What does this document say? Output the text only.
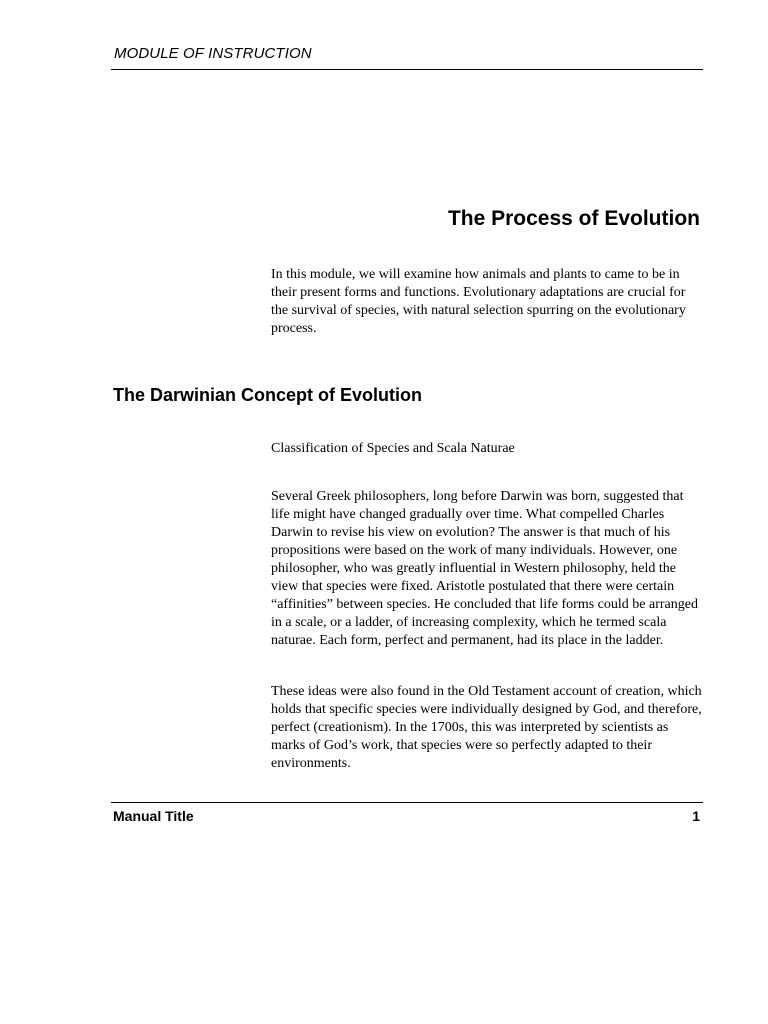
MODULE OF INSTRUCTION
The Process of Evolution

In this module, we will examine how animals and plants to came to be in their present forms and functions. Evolutionary adaptations are crucial for the survival of species, with natural selection spurring on the evolutionary process.

The Darwinian Concept of Evolution

Classification of Species and Scala Naturae

Several Greek philosophers, long before Darwin was born, suggested that life might have changed gradually over time. What compelled Charles Darwin to revise his view on evolution? The answer is that much of his propositions were based on the work of many individuals. However, one philosopher, who was greatly influential in Western philosophy, held the view that species were fixed. Aristotle postulated that there were certain “affinities” between species. He concluded that life forms could be arranged in a scale, or a ladder, of increasing complexity, which he termed scala naturae. Each form, perfect and permanent, had its place in the ladder.

These ideas were also found in the Old Testament account of creation, which holds that specific species were individually designed by God, and therefore, perfect (creationism). In the 1700s, this was interpreted by scientists as marks of God’s work, that species were so perfectly adapted to their environments.

Manual Title	1
